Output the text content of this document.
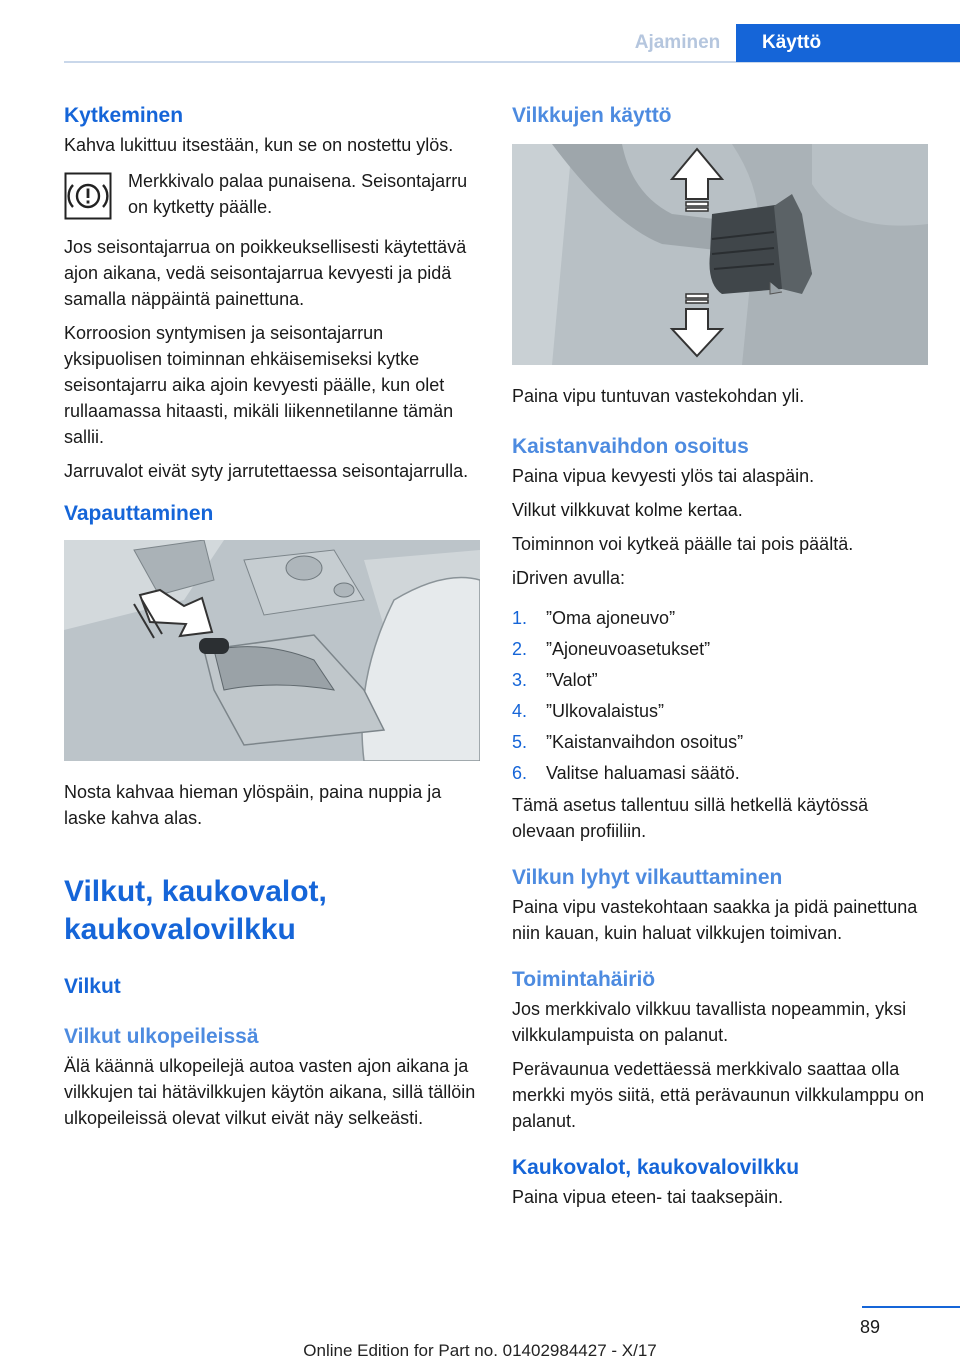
Ajaminen	Käyttö
Kytkeminen

Kahva lukittuu itsestään, kun se on nostettu ylös.

Merkkivalo palaa punaisena. Seisontajarru on kytketty päälle.

Jos seisontajarrua on poikkeuksellisesti käytettävä ajon aikana, vedä seisontajarrua kevyesti ja pidä samalla näppäintä painettuna.

Korroosion syntymisen ja seisontajarrun yksipuolisen toiminnan ehkäisemiseksi kytke seisontajarru aika ajoin kevyesti päälle, kun olet rullaamassa hitaasti, mikäli liikennetilanne tämän sallii.

Jarruvalot eivät syty jarrutettaessa seisontajarrulla.

Vapauttaminen

Nosta kahvaa hieman ylöspäin, paina nuppia ja laske kahva alas.

Vilkut, kaukovalot, kaukovalovilkku
Vilkut
Vilkut ulkopeileissä

Älä käännä ulkopeilejä autoa vasten ajon aikana ja vilkkujen tai hätävilkkujen käytön aikana, sillä tällöin ulkopeileissä olevat vilkut eivät näy selkeästi.

Vilkkujen käyttö

Paina vipu tuntuvan vastekohdan yli.

Kaistanvaihdon osoitus

Paina vipua kevyesti ylös tai alaspäin.

Vilkut vilkkuvat kolme kertaa.

Toiminnon voi kytkeä päälle tai pois päältä.

iDriven avulla:

1.	”Oma ajoneuvo”
2.	”Ajoneuvoasetukset”
3.	”Valot”
4.	”Ulkovalaistus”
5.	”Kaistanvaihdon osoitus”
6.	Valitse haluamasi säätö.

Tämä asetus tallentuu sillä hetkellä käytössä olevaan profiiliin.

Vilkun lyhyt vilkauttaminen

Paina vipu vastekohtaan saakka ja pidä painettuna niin kauan, kuin haluat vilkkujen toimivan.

Toimintahäiriö

Jos merkkivalo vilkkuu tavallista nopeammin, yksi vilkkulampuista on palanut.

Perävaunua vedettäessä merkkivalo saattaa olla merkki myös siitä, että perävaunun vilkkulamppu on palanut.

Kaukovalot, kaukovalovilkku

Paina vipua eteen- tai taaksepäin.

89
Online Edition for Part no. 01402984427 - X/17
